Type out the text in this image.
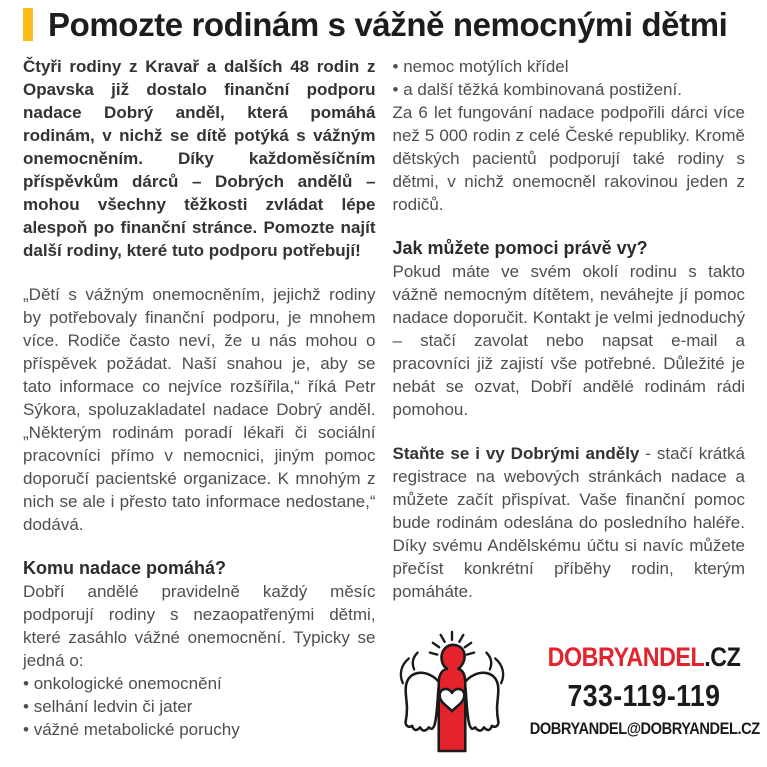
Pomozte rodinám s vážně nemocnými dětmi

Čtyři rodiny z Kravař a dalších 48 rodin z Opavska již dostalo finanční podporu nadace Dobrý anděl, která pomáhá rodinám, v nichž se dítě potýká s vážným onemocněním. Díky každoměsíčním příspěvkům dárců – Dobrých andělů – mohou všechny těžkosti zvládat lépe alespoň po finanční stránce. Pomozte najít další rodiny, které tuto podporu potřebují!

„Dětí s vážným onemocněním, jejichž rodiny by potřebovaly finanční podporu, je mnohem více. Rodiče často neví, že u nás mohou o příspěvek požádat. Naší snahou je, aby se tato informace co nejvíce rozšířila,“ říká Petr Sýkora, spoluzakladatel nadace Dobrý anděl. „Některým rodinám poradí lékaři či sociální pracovníci přímo v nemocnici, jiným pomoc doporučí pacientské organizace. K mnohým z nich se ale i přesto tato informace nedostane,“ dodává.

Komu nadace pomáhá?

Dobří andělé pravidelně každý měsíc podporují rodiny s nezaopatřenými dětmi, které zasáhlo vážné onemocnění. Typicky se jedná o:

• onkologické onemocnění

• selhání ledvin či jater

• vážné metabolické poruchy

• nemoc motýlích křídel

• a další těžká kombinovaná postižení.

Za 6 let fungování nadace podpořili dárci více než 5 000 rodin z celé České republiky. Kromě dětských pacientů podporují také rodiny s dětmi, v nichž onemocněl rakovinou jeden z rodičů.

Jak můžete pomoci právě vy?

Pokud máte ve svém okolí rodinu s takto vážně nemocným dítětem, neváhejte jí pomoc nadace doporučit. Kontakt je velmi jednoduchý – stačí zavolat nebo napsat e-mail a pracovníci již zajistí vše potřebné. Důležité je nebát se ozvat, Dobří andělé rodinám rádi pomohou.

Staňte se i vy Dobrými anděly - stačí krátká registrace na webových stránkách nadace a můžete začít přispívat. Vaše finanční pomoc bude rodinám odeslána do posledního haléře. Díky svému Andělskému účtu si navíc můžete přečíst konkrétní příběhy rodin, kterým pomáháte.

DOBRYANDEL.CZ
733-119-119
DOBRYANDEL@DOBRYANDEL.CZ
